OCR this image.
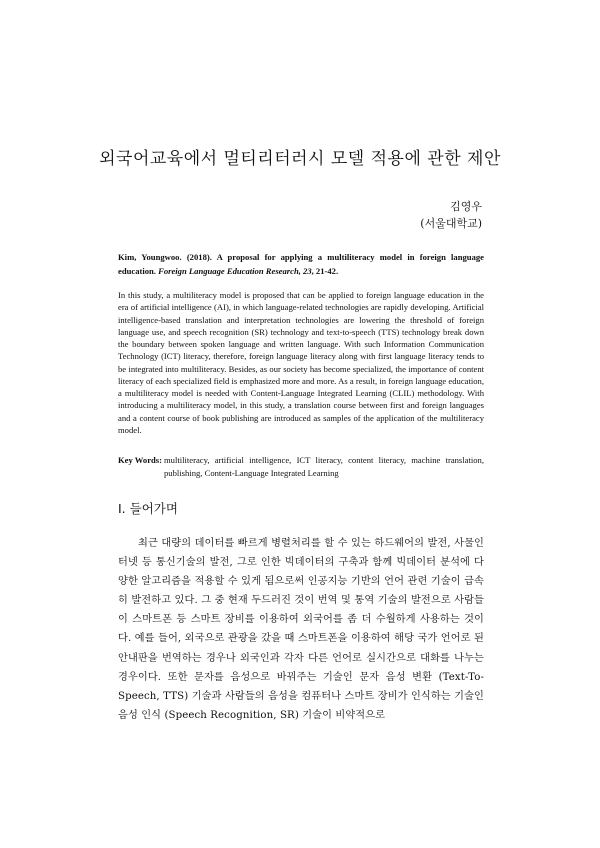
외국어교육에서 멀티리터러시 모델 적용에 관한 제안
김영우
(서울대학교)
Kim, Youngwoo. (2018). A proposal for applying a multiliteracy model in foreign language education. Foreign Language Education Research, 23, 21-42.
In this study, a multiliteracy model is proposed that can be applied to foreign language education in the era of artificial intelligence (AI), in which language-related technologies are rapidly developing. Artificial intelligence-based translation and interpretation technologies are lowering the threshold of foreign language use, and speech recognition (SR) technology and text-to-speech (TTS) technology break down the boundary between spoken language and written language. With such Information Communication Technology (ICT) literacy, therefore, foreign language literacy along with first language literacy tends to be integrated into multiliteracy. Besides, as our society has become specialized, the importance of content literacy of each specialized field is emphasized more and more. As a result, in foreign language education, a multiliteracy model is needed with Content-Language Integrated Learning (CLIL) methodology. With introducing a multiliteracy model, in this study, a translation course between first and foreign languages and a content course of book publishing are introduced as samples of the application of the multiliteracy model.
Key Words: multiliteracy, artificial intelligence, ICT literacy, content literacy, machine translation, publishing, Content-Language Integrated Learning
Ⅰ. 들어가며
최근 대량의 데이터를 빠르게 병렬처리를 할 수 있는 하드웨어의 발전, 사물인터넷 등 통신기술의 발전, 그로 인한 빅데이터의 구축과 함께 빅데이터 분석에 다양한 알고리즘을 적용할 수 있게 됨으로써 인공지능 기반의 언어 관련 기술이 급속히 발전하고 있다. 그 중 현재 두드러진 것이 번역 및 통역 기술의 발전으로 사람들이 스마트폰 등 스마트 장비를 이용하여 외국어를 좀 더 수월하게 사용하는 것이다. 예를 들어, 외국으로 관광을 갔을 때 스마트폰을 이용하여 해당 국가 언어로 된 안내판을 번역하는 경우나 외국인과 각자 다른 언어로 실시간으로 대화를 나누는 경우이다. 또한 문자를 음성으로 바꿔주는 기술인 문자 음성 변환 (Text-To-Speech, TTS) 기술과 사람들의 음성을 컴퓨터나 스마트 장비가 인식하는 기술인 음성 인식 (Speech Recognition, SR) 기술이 비약적으로
